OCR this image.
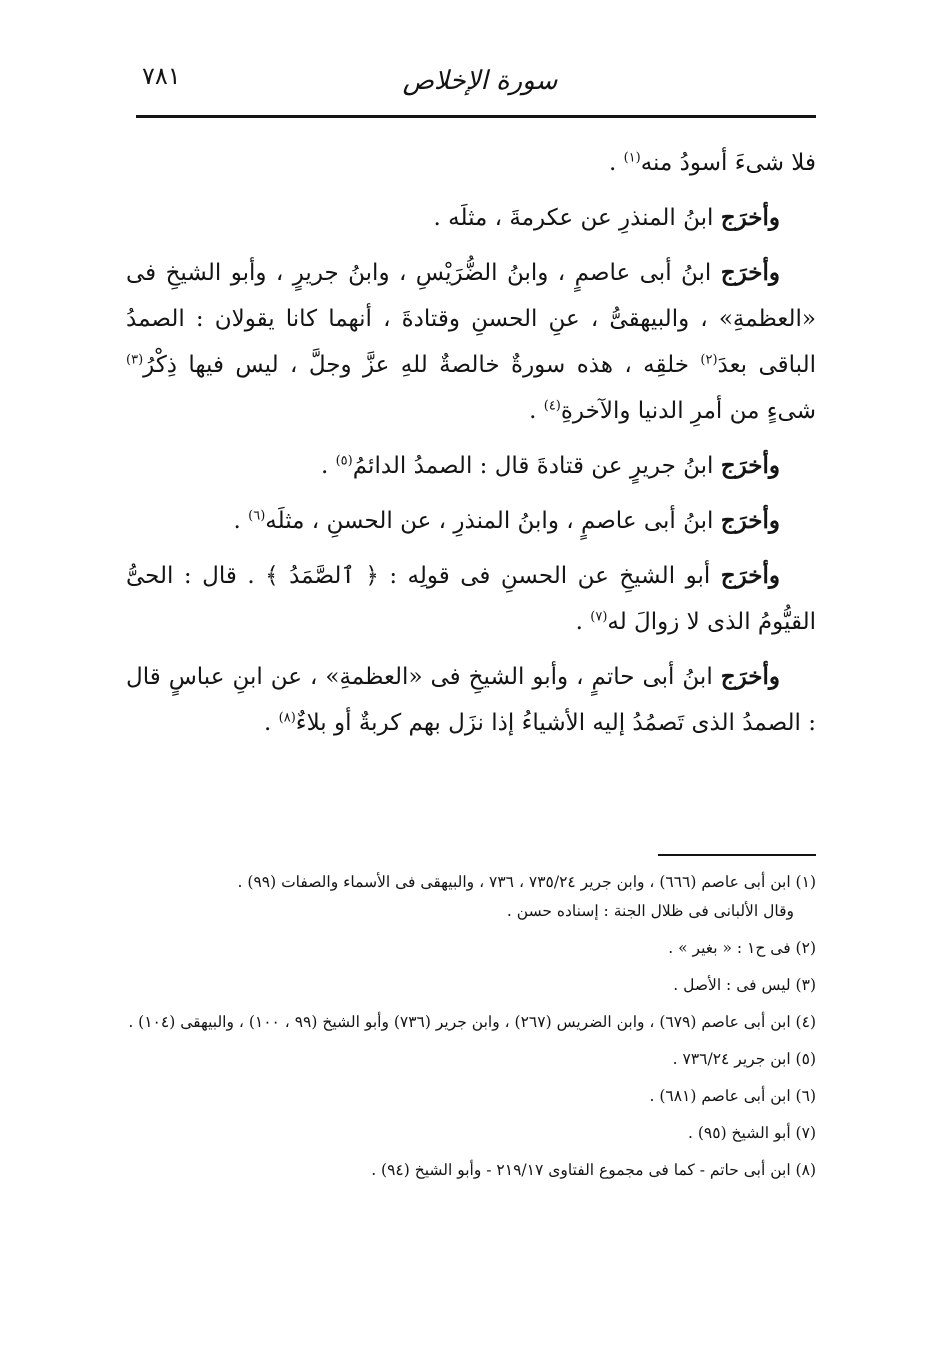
٧٨١	سورة الإخلاص

فلا شىءَ أسودُ منه$^{(١)}$ .

وأخرَج ابنُ المنذرِ عن عكرمةَ ، مثلَه .

وأخرَج ابنُ أبى عاصمٍ ، وابنُ الضُّرَيْسِ ، وابنُ جريرٍ ، وأبو الشيخِ فى «العظمةِ» ، والبيهقىُّ ، عنِ الحسنِ وقتادةَ ، أنهما كانا يقولان : الصمدُ الباقى بعدَ$^{(٢)}$ خلقِه ، هذه سورةٌ خالصةٌ للهِ عزَّ وجلَّ ، ليس فيها ذِكْرُ$^{(٣)}$ شىءٍ من أمرِ الدنيا والآخرةِ$^{(٤)}$ .

وأخرَج ابنُ جريرٍ عن قتادةَ قال : الصمدُ الدائمُ$^{(٥)}$ .

وأخرَج ابنُ أبى عاصمٍ ، وابنُ المنذرِ ، عن الحسنِ ، مثلَه$^{(٦)}$ .

وأخرَج أبو الشيخِ عن الحسنِ فى قولِه : ﴿ ٱلصَّمَدُ ﴾ . قال : الحىُّ القيُّومُ الذى لا زوالَ له$^{(٧)}$ .

وأخرَج ابنُ أبى حاتمٍ ، وأبو الشيخِ فى «العظمةِ» ، عن ابنِ عباسٍ قال : الصمدُ الذى تَصمُدُ إليه الأشياءُ إذا نزَل بهم كربةٌ أو بلاءٌ$^{(٨)}$ .

(١) ابن أبى عاصم (٦٦٦) ، وابن جرير ٧٣٥/٢٤ ، ٧٣٦ ، والبيهقى فى الأسماء والصفات (٩٩) .

وقال الألبانى فى ظلال الجنة : إسناده حسن .

(٢) فى ح١ : « بغير » .

(٣) ليس فى : الأصل .

(٤) ابن أبى عاصم (٦٧٩) ، وابن الضريس (٢٦٧) ، وابن جرير (٧٣٦) وأبو الشيخ (٩٩ ، ١٠٠) ، والبيهقى (١٠٤) .

(٥) ابن جرير ٧٣٦/٢٤ .

(٦) ابن أبى عاصم (٦٨١) .

(٧) أبو الشيخ (٩٥) .

(٨) ابن أبى حاتم - كما فى مجموع الفتاوى ٢١٩/١٧ - وأبو الشيخ (٩٤) .
